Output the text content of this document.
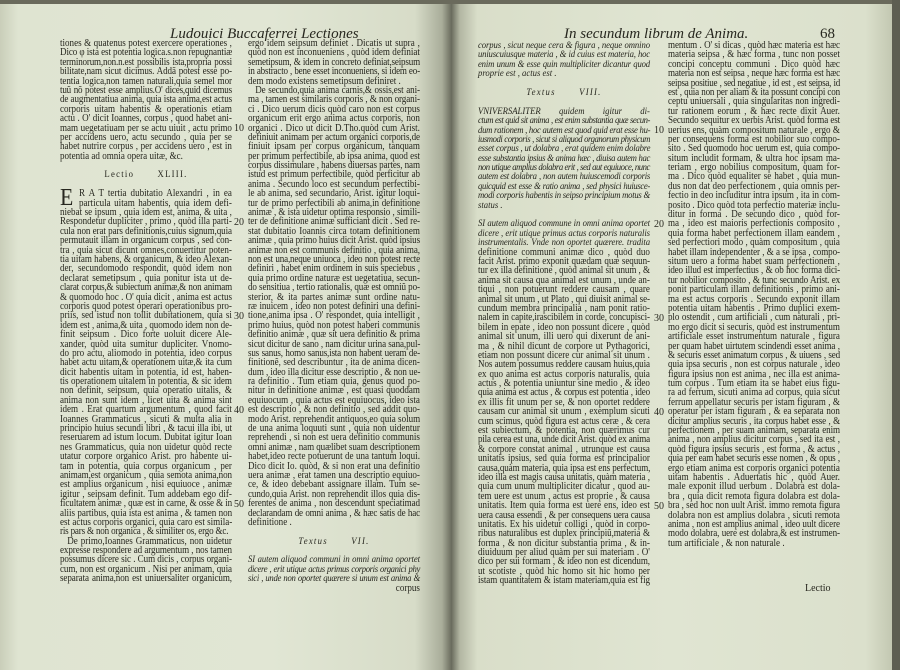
Ludouici Buccaferrei Lectiones
tiones & quatenus potest exercere operationes ,
Dico φ ista est potentia logica.s.non repugnantiæ
terminorum,non.n.est possibilis ista,propria possi
bilitate,nam sicut dicimus. Addã potest esse po-
tentia logica,non tamen naturali,quia semel mor
tuũ nõ potest esse amplius.O' dices,quid dicemus
de augmentatiua anima, quia ista anima,est actus
corporis uitam habentis & operationis etiam
actu . O' dicit Ioannes, corpus , quod habet ani-
mam uegetatiuam per se actu uiuit , actu primo
per accidens uero, actu secundo , quia per se
habet nutrire corpus , per accidens uero , est in
potentia ad omnia opera uitæ, &c.
Lectio XLIII.
E R A T tertia dubitatio Alexandri , in ea
particula uitam habentis, quia idem defi-
niebat se ipsum , quia idem est, anima, & uita ,
Respondetur dupliciter , primo , quòd illa parti-
cula non erat pars definitionis,cuius signum,quia
permutauit illam in organicum corpus , sed con-
tra , quia sicut dicunt omnes,conuertitur poten-
tia uitam habens, & organicum, & ideo Alexan-
der, secundomodo respondit, quòd idem non
declarat semetipsum , quia ponitur ista ut de-
clarat corpus,& subiectum animæ,& non animam
& quomodo hoc . O' quia dicit , anima est actus
corporis quod potest operari operationibus pro-
priis, sed istud non tollit dubitationem, quia si
idem est , anima,& uita , quomodo idem non de-
finit seipsum . Dico forte uoluit dicere Ale-
xander, quòd uita sumitur dupliciter. Vnomo-
do pro actu, aliomodo in potentia, ideo corpus
habet actu uitam,& operationem uitæ,& ita cum
dicit habentis uitam in potentia, id est, haben-
tis operationem uitalem in potentia, & sic idem
non definit, seipsum, quia operatio uitalis, &
anima non sunt idem , licet uita & anima sint
idem . Erat quartum argumentum , quod facit
Ioannes Grammaticus , sicuti & multa alia in
principio huius secundi libri , & tacui illa ibi, ut
reseruarem ad istum locum. Dubitat igitur Ioan
nes Grammaticus, quia non uidetur quòd recte
utatur corpore organico Arist. pro habente ui-
tam in potentia, quia corpus organicum , per
animam,est organicum , quia semota anima,non
est amplius organicum , nisi equiuoce , animæ
igitur , seipsam definit. Tum addebam ego dif-
ficultatem animæ , quæ est in carne, & osse & in
aliis partibus, quia ista est anima , & tamen non
est actus corporis organici, quia caro est simila-
ris pars & non organica , & similiter os, ergo &c.
De primo,Ioannes Grammaticus, non uidetur
expresse respondere ad argumentum , nos tamen
possumus dicere sic . Cum dicis , corpus organi-
cum, non est organicum . Nisi per animam, quia
separata anima,non est uniuersaliter organicum,
ergo idem seipsum definiet . Dicatis ut supra ,
quòd non est inconueniens , quòd idem definiat
semetipsum, & idem in concreto definiat,seipsum
in abstracto , bene esset inconueniens, si idem eo-
dem modo existens semetipsum definiret .
De secundo,quia anima carnis,& ossis,est ani-
ma , tamen est similaris corporis , & non organi-
ci . Dico uerum dicis quòd caro non est corpus
organicum erit ergo anima actus corporis, non
organici . Dico ut dicit D.Tho.quòd cum Arist.
definiuit animam per actum organici corporis,de
finiuit ipsam per corpus organicum, tanquam
per primum perfectibile, ab ipsa anima, quod est
corpus dissimulare , habens diuersas partes, nam
istud est primum perfectibile, quòd perficitur ab
anima . Secundo loco est secundum perfectibi-
le ab anima, sed secundario, Arist. igitur loqui-
tur de primo perfectibili ab anima,in definitione
animæ , & ista uidetur optima responsio , simili-
ter de definitione animæ sufficiant dicit . Sed re-
stat dubitatio Ioannis circa totam definitionem
animæ , quia primo huius dicit Arist. quòd ipsius
animæ non est communis definitio , quia anima,
non est una,neque uniuoca , ideo non potest recte
definiri , habet enim ordinem in suis speciebus ,
quia primo ordine naturæ est uegetatiua, secun-
do sensitiua , tertio rationalis, quæ est omniũ po-
sterior, & ita partes animæ sunt ordine natu-
ræ inuicem , ideo non potest definiri una defini-
tione,anima ipsa . O' respondet, quia intelligit ,
primo huius, quòd non potest haberi communis
definitio animæ , quæ sit uera definitio & prima
sicut dicitur de sano , nam dicitur urina sana,pul-
sus sanus, homo sanus,ista non habent ueram de-
finitionẽ, sed describuntur , ita de anima dicen-
dum , ideo illa dicitur esse descriptio , & non ue-
ra definitio . Tum etiam quia, genus quod po-
nitur in definitione animæ , est quasi quoddam
equiuocum , quia actus est equiuocus, ideo ista
est descriptio , & non definitio , sed addit quo-
modo Arist. reprehendit antiquos,eo quia solum
de una anima loquuti sunt , quia non uidentur
reprehendi , si non est uera definitio communis
omni animæ , nam quælibet suam descriptionem
habet,ideo recte potuerunt de una tantum loqui.
Dico dicit Io. quòd, & si non erat una definitio
uera animæ , erat tamen una descriptio equiuo-
ce, & ideo debebant assignare illam. Tum se-
cundo,quia Arist. non reprehendit illos quia dis-
ferentes de anima , non descendunt speciatimad
declarandam de omni anima , & hæc satis de hac
definitione .
Textus VII.
SI autem aliquod communi in omni anima oportet
dicere , erit utique actus primus corporis organici phy
sici , unde non oportet quærere si unum est anima &
corpus
10
20
30
40
50
In secundum librum de Anima.	68
corpus , sicut neque cera & figura , neque omnino
uniuscuiusque materia , & id cuius est materia, hoc
enim unum & esse quin multipliciter dicantur quod
proprie est , actus est .
Textus VIII.
VNIVERSALITER quidem igitur di-
ctum est quid sit anima , est enim substantia quæ secun-
dum rationem , hoc autem est quod quid erat esse hu-
iusmodi corporis , sicut si aliquod organorum physicum
esset corpus , ut dolabra , erat quidem enim dolabre
esse substantia ipsius & anima hæc , diuisa autem hac
non utique amplius dolabra erit , sed aut equiuoce, nunc
autem est dolabra , non autem huiuscemodi corporis
quicquid est esse & ratio anima , sed physici huiusce-
modi corporis habentis in seipso principium motus &
status .
SI autem aliquod commune in omni anima oportet
dicere , erit utique primus actus corporis naturalis
instrumentalis. Vnde non oportet quærere. tradita
definitione communi animæ dico , quòd duo
facit Arist. primo exponit quædam quæ sequun-
tur ex illa definitione , quòd animal sit unum , &
anima sit causa qua animal est unum , unde an-
tiqui , non potuerunt reddere causam , quare
animal sit unum , ut Plato , qui diuisit animal se-
cundum membra principalia , nam ponit ratio-
nalem in capite,irascibilem in corde, concupisci-
bilem in epate , ideo non possunt dicere , quòd
animal sit unum, illi uero qui dixerunt de ani-
ma , & nihil dicunt de corpore ut Pythagorici,
etiam non possunt dicere cur animal sit unum .
Nos autem possumus reddere causam huius,quia
ex quo anima est actus corporis naturalis, quia
actus , & potentia uniuntur sine medio , & ideo
quia anima est actus , & corpus est potentia , ideo
ex illis fit unum per se, & non oportet reddere
causam cur animal sit unum , exemplum sicuti
cum scimus, quòd figura est actus ceræ , & cera
est subiectum, & potentia, non quærimus cur
pila cerea est una, unde dicit Arist. quòd ex anima
& corpore constat animal , utrunque est causa
unitatis ipsius, sed quia forma est principalior
causa,quàm materia, quia ipsa est ens perfectum,
ideo illa est magis causa unitatis, quàm materia ,
quia cum unum multipliciter dicatur , quod au-
tem uere est unum , actus est proprie , & causa
unitatis. Item quia forma est uere ens, ideo est
uera causa essendi , & per consequens uera causa
unitatis. Ex his uidetur colligi , quòd in corpo-
ribus naturalibus est duplex principiũ,materia &
forma , & non dicitur substantia prima , & in-
diuiduum per aliud quàm per sui materiam . O'
dico per sui formam , & ideo non est dicendum,
ut scotiste , quòd hic homo sit hic homo per
istam quantitatem & istam materiam,quia est fig
mentum . O' si dicas , quòd hæc materia est hæc
materia seipsa , & hæc forma , tunc non posset
concipi conceptu communi . Dico quòd hæc
materia non est seipsa , neque hæc forma est hæc
seipsa positiue , sed negatiue , id est , est seipsa, id
est , quia non per aliam & ita possunt concipi con
ceptu uniuersali , quia singularitas non ingredi-
tur rationem eorum , & hæc recte dixit Auer.
Secundo sequitur ex uerbis Arist. quòd forma est
uerius ens, quàm compositum naturale , ergo &
per consequens forma est nobilior suo compo-
sito . Sed quomodo hoc uerum est, quia compo-
situm includit formam, & ultra hoc ipsam ma-
teriam , ergo nobilius compositum, quam for-
ma . Dico quòd equaliter se habet , quia mun-
dus non dat deo perfectionem , quia omnis per-
fectio in deo includitur intra ipsum , ita in com-
posito . Dico quòd tota perfectio materiæ inclu-
ditur in forma . De secundo dico , quòd for-
ma , ideo est maioris perfectionis composito ,
quia forma habet perfectionem illam eandem ,
sed perfectiori modo , quàm compositum , quia
habet illam independenter , & a se ipsa , compo-
situm uero a forma habet suam perfectionem ,
ideo illud est imperfectius , & ob hoc forma dici-
tur nobilior composito , & tunc secundo Arist. ex
ponit particulam illam definitionis , primo ani-
ma est actus corporis . Secundo exponit illam
potentia uitam habentis . Primo duplici exem-
plo ostendit , cum artificiali , cum naturali , pri-
mo ergo dicit si securis, quòd est instrumentum
artificiale esset instrumentum naturale , figura
per quam habet uirtutem scindendi esset anima ,
& securis esset animatum corpus , & uiuens , sed
quia ipsa securis , non est corpus naturale , ideo
figura ipsius non est anima , nec illa est anima-
tum corpus . Tum etiam ita se habet eius figu-
ra ad ferrum, sicuti anima ad corpus, quia sicut
ferrum appellatur securis per istam figuram , &
operatur per istam figuram , & ea separata non
dicitur amplius securis , ita corpus habet esse , &
perfectionem , per suam animam, separata enim
anima , non amplius dicitur corpus , sed ita est ,
quòd figura ipsius securis , est forma , & actus ,
quia per eam habet securis esse nomen , & opus ,
ergo etiam anima est corporis organici potentia
uitam habentis . Aduertatis hic , quòd Auer.
male exponit illud uerbum . Dolabra est dola-
bra , quia dicit remota figura dolabra est dola-
bra , sed hoc non uult Arist. immo remota figura
dolabra non est amplius dolabra , sicuti remota
anima , non est amplius animal , ideo uult dicere
modo dolabra, uere est dolabra,& est instrumen-
tum artificiale , & non naturale .
10
20
30
40
50
Lectio
